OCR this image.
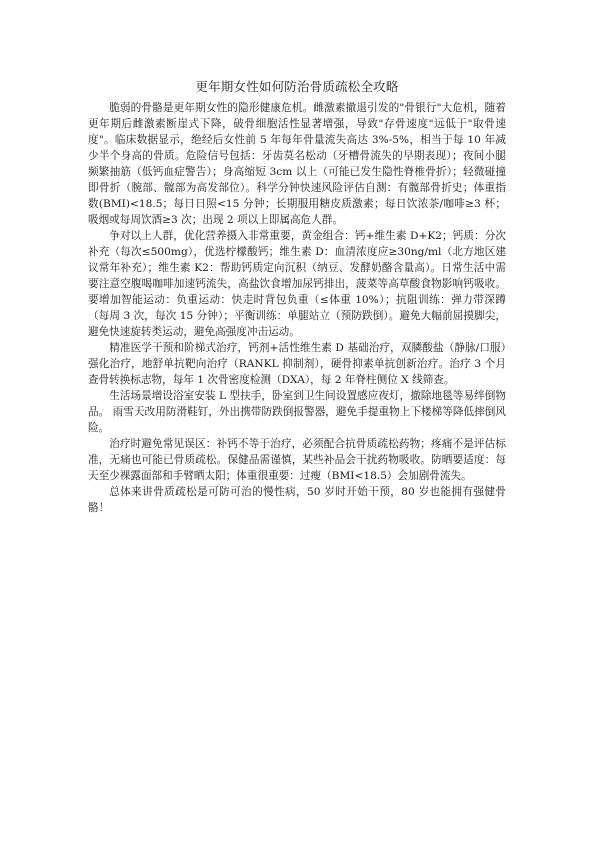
更年期女性如何防治骨质疏松全攻略

脆弱的骨骼是更年期女性的隐形健康危机。雌激素撤退引发的"骨银行"大危机，随着更年期后雌激素断崖式下降，破骨细胞活性显著增强，导致"存骨速度"远低于"取骨速度"。临床数据显示，绝经后女性前 5 年每年骨量流失高达 3%-5%，相当于每 10 年减少半个身高的骨质。危险信号包括：牙齿莫名松动（牙槽骨流失的早期表现）；夜间小腿频繁抽筋（低钙血症警告）；身高缩短 3cm 以上（可能已发生隐性脊椎骨折）；轻微碰撞即骨折（腕部、髋部为高发部位）。科学分钟快速风险评估自测：有髋部骨折史；体重指数(BMI)<18.5；每日日照<15 分钟；长期服用糖皮质激素；每日饮浓茶/咖啡≥3 杯；吸烟或每周饮酒≥3 次；出现 2 项以上即属高危人群。

争对以上人群，优化营养摄入非常重要，黄金组合：钙+维生素 D+K2；钙质：分次补充（每次≤500mg），优选柠檬酸钙；维生素 D：血清浓度应≥30ng/ml（北方地区建议常年补充）；维生素 K2：帮助钙质定向沉积（纳豆、发酵奶酪含量高）。日常生活中需要注意空腹喝咖啡加速钙流失，高盐饮食增加尿钙排出，菠菜等高草酸食物影响钙吸收。要增加智能运动：负重运动：快走时背包负重（≤体重 10%）；抗阻训练：弹力带深蹲（每周 3 次，每次 15 分钟）；平衡训练：单腿站立（预防跌倒）。避免大幅前屈摸脚尖，避免快速旋转类运动，避免高强度冲击运动。

精准医学干预和阶梯式治疗，钙剂+活性维生素 D 基础治疗，双膦酸盐（静脉/口服）强化治疗，地舒单抗靶向治疗（RANKL 抑制剂），硬骨抑素单抗创新治疗。治疗 3 个月查骨转换标志物，每年 1 次骨密度检测（DXA），每 2 年脊柱侧位 X 线筛查。

生活场景增设浴室安装 L 型扶手，卧室到卫生间设置感应夜灯，撤除地毯等易绊倒物品。 雨雪天改用防滑鞋钉，外出携带防跌倒报警器，避免手提重物上下楼梯等降低摔倒风险。

治疗时避免常见误区：补钙不等于治疗，必须配合抗骨质疏松药物；疼痛不是评估标准，无痛也可能已骨质疏松。保健品需谨慎，某些补品会干扰药物吸收。防晒要适度：每天至少裸露面部和手臂晒太阳；体重很重要：过瘦（BMI<18.5）会加剧骨流失。

总体来讲骨质疏松是可防可治的慢性病，50 岁时开始干预，80 岁也能拥有强健骨骼！
